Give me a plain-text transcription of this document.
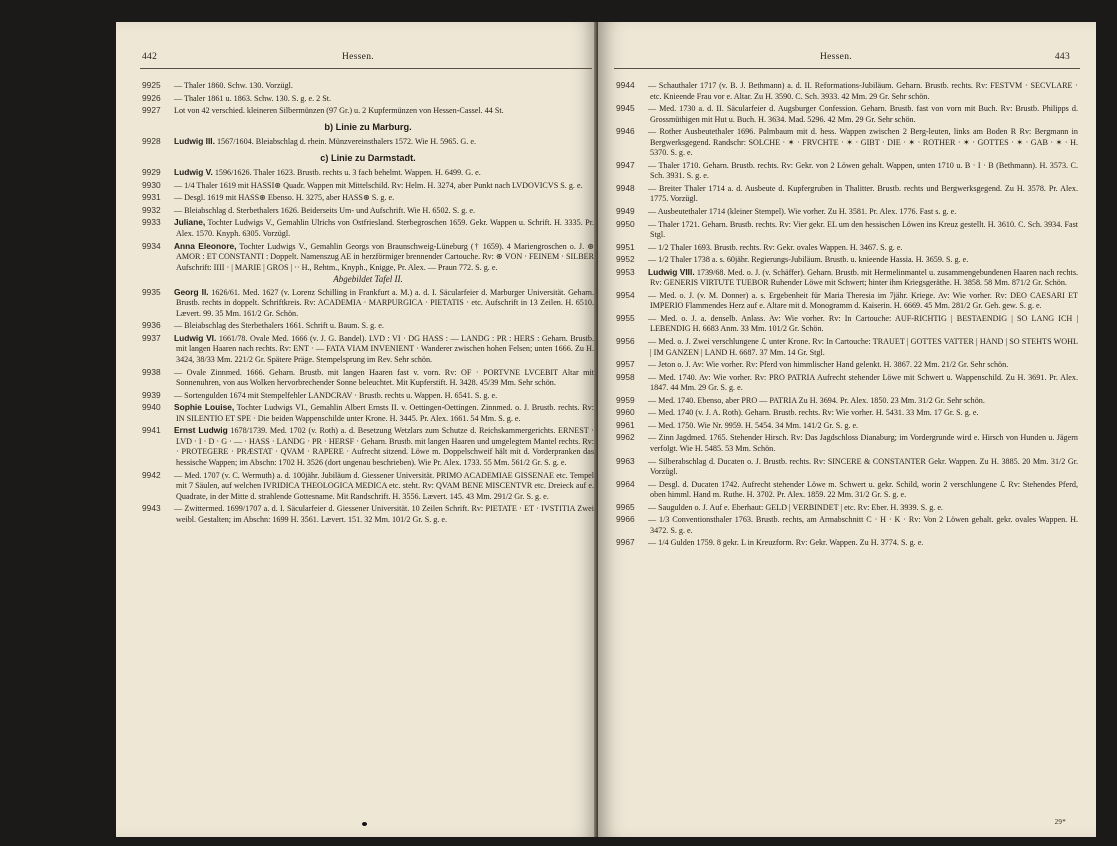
442	Hessen.
9925 — Thaler 1860. Schw. 130. Vorzügl.
9926 — Thaler 1861 u. 1863. Schw. 130. S. g. e. 2 St.
9927 Lot von 42 verschied. kleineren Silbermünzen (97 Gr.) u. 2 Kupfermünzen von Hessen-Cassel. 44 St.
b) Linie zu Marburg.
9928 Ludwig III. 1567/1604. Bleiabschlag d. rhein. Münzvereinsthalers 1572. Wie H. 5965. G. e.
c) Linie zu Darmstadt.
9929 Ludwig V. 1596/1626. Thaler 1623. Brustb. rechts u. 3 fach behelmt. Wappen. H. 6499. G. e.
9930 — 1/4 Thaler 1619 mit HASSI⊛ Quadr. Wappen mit Mittelschild. Rv: Helm. H. 3274, aber Punkt nach LVDOVICVS S. g. e.
9931 — Desgl. 1619 mit HASS⊛ Ebenso. H. 3275, aber HASS⊛ S. g. e.
9932 — Bleiabschlag d. Sterbethalers 1626. Beiderseits Um- und Aufschrift. Wie H. 6502. S. g. e.
9933 Juliane, Tochter Ludwigs V., Gemahlin Ulrichs von Ostfriesland. Sterbegroschen 1659. Gekr. Wappen u. Schrift. H. 3335. Pr. Alex. 1570. Knyph. 6305. Vorzügl.
9934 Anna Eleonore, Tochter Ludwigs V., Gemahlin Georgs von Braunschweig-Lüneburg († 1659). 4 Mariengroschen o. J. ⊛ AMOR : ET CONSTANTI : Doppelt. Namenszug AE in herzförmiger brennender Cartouche. Rv: ⊛ VON · FEINEM · SILBER Aufschrift: IIII · | MARIE | GROS | ·· H., Rehtm., Knyph., Knigge, Pr. Alex. — Praun 772. S. g. e.
Abgebildet Tafel II.
9935 Georg II. 1626/61. Med. 1627 (v. Lorenz Schilling in Frankfurt a. M.) a. d. I. Säcularfeier d. Marburger Universität. Geharn. Brustb. rechts in doppelt. Schriftkreis. Rv: ACADEMIA · MARPURGICA · PIETATIS · etc. Aufschrift in 13 Zeilen. H. 6510. Lævert. 99. 35 Mm. 161/2 Gr. Schön.
9936 — Bleiabschlag des Sterbethalers 1661. Schrift u. Baum. S. g. e.
9937 Ludwig VI. 1661/78. Ovale Med. 1666 (v. J. G. Bandel). LVD : VI · DG HASS : — LANDG : PR : HERS : Geharn. Brustb. mit langen Haaren nach rechts. Rv: ENT · — FATA VIAM INVENIENT · Wanderer zwischen hohen Felsen; unten 1666. Zu H. 3424, 38/33 Mm. 221/2 Gr. Spätere Präge. Stempelsprung im Rev. Sehr schön.
9938 — Ovale Zinnmed. 1666. Geharn. Brustb. mit langen Haaren fast v. vorn. Rv: OF · PORTVNE LVCEBIT Altar mit Sonnenuhren, von aus Wolken hervorbrechender Sonne beleuchtet. Mit Kupferstift. H. 3428. 45/39 Mm. Sehr schön.
9939 — Sortengulden 1674 mit Stempelfehler LANDCRAV · Brustb. rechts u. Wappen. H. 6541. S. g. e.
9940 Sophie Louise, Tochter Ludwigs VI., Gemahlin Albert Ernsts II. v. Oettingen-Oettingen. Zinnmed. o. J. Brustb. rechts. Rv: IN SILENTIO ET SPE · Die beiden Wappenschilde unter Krone. H. 3445. Pr. Alex. 1661. 54 Mm. S. g. e.
9941 Ernst Ludwig 1678/1739. Med. 1702 (v. Roth) a. d. Besetzung Wetzlars zum Schutze d. Reichskammergerichts. ERNEST · LVD · I · D · G · — · HASS · LANDG · PR · HERSF · Geharn. Brustb. mit langen Haaren und umgelegtem Mantel rechts. Rv: · PROTEGERE · PRÆSTAT · QVAM · RAPERE · Aufrecht sitzend. Löwe m. Doppelschweif hält mit d. Vorderpranken das hessische Wappen; im Abschn: 1702 H. 3526 (dort ungenau beschrieben). Wie Pr. Alex. 1733. 55 Mm. 561/2 Gr. S. g. e.
9942 — Med. 1707 (v. C. Wermuth) a. d. 100jähr. Jubiläum d. Giessener Universität. PRIMO ACADEMIAE GISSENAE etc. Tempel mit 7 Säulen, auf welchen IVRIDICA THEOLOGICA MEDICA etc. steht. Rv: QVAM BENE MISCENTVR etc. Dreieck auf e. Quadrate, in der Mitte d. strahlende Gottesname. Mit Randschrift. H. 3556. Lævert. 145. 43 Mm. 291/2 Gr. S. g. e.
9943 — Zwittermed. 1699/1707 a. d. I. Säcularfeier d. Giessener Universität. 10 Zeilen Schrift. Rv: PIETATE · ET · IVSTITIA Zwei weibl. Gestalten; im Abschn: 1699 H. 3561. Lævert. 151. 32 Mm. 101/2 Gr. S. g. e.
Hessen.	443
9944 — Schauthaler 1717 (v. B. J. Bethmann) a. d. II. Reformations-Jubiläum. Geharn. Brustb. rechts. Rv: FESTVM · SECVLARE · etc. Knieende Frau vor e. Altar. Zu H. 3590. C. Sch. 3933. 42 Mm. 29 Gr. Sehr schön.
9945 — Med. 1730 a. d. II. Säcularfeier d. Augsburger Confession. Geharn. Brustb. fast von vorn mit Buch. Rv: Brustb. Philipps d. Grossmüthigen mit Hut u. Buch. H. 3634. Mad. 5296. 42 Mm. 29 Gr. Sehr schön.
9946 — Rother Ausbeutethaler 1696. Palmbaum mit d. hess. Wappen zwischen 2 Berg-leuten, links am Boden R Rv: Bergmann in Bergwerksgegend. Randschr: SOLCHE · ✶ · FRVCHTE · ✶ · GIBT · DIE · ✶ · ROTHER · ✶ · GOTTES · ✶ · GAB · ✶ · H. 5370. S. g. e.
9947 — Thaler 1710. Geharn. Brustb. rechts. Rv: Gekr. von 2 Löwen gehalt. Wappen, unten 1710 u. B · I · B (Bethmann). H. 3573. C. Sch. 3931. S. g. e.
9948 — Breiter Thaler 1714 a. d. Ausbeute d. Kupfergruben in Thalitter. Brustb. rechts und Bergwerksgegend. Zu H. 3578. Pr. Alex. 1775. Vorzügl.
9949 — Ausbeutethaler 1714 (kleiner Stempel). Wie vorher. Zu H. 3581. Pr. Alex. 1776. Fast s. g. e.
9950 — Thaler 1721. Geharn. Brustb. rechts. Rv: Vier gekr. EL um den hessischen Löwen ins Kreuz gestellt. H. 3610. C. Sch. 3934. Fast Stgl.
9951 — 1/2 Thaler 1693. Brustb. rechts. Rv: Gekr. ovales Wappen. H. 3467. S. g. e.
9952 — 1/2 Thaler 1738 a. s. 60jähr. Regierungs-Jubiläum. Brustb. u. knieende Hassia. H. 3659. S. g. e.
9953 Ludwig VIII. 1739/68. Med. o. J. (v. Schäffer). Geharn. Brustb. mit Hermelinmantel u. zusammengebundenen Haaren nach rechts. Rv: GENERIS VIRTUTE TUEBOR Ruhender Löwe mit Schwert; hinter ihm Kriegsgeräthe. H. 3858. 58 Mm. 871/2 Gr. Schön.
9954 — Med. o. J. (v. M. Donner) a. s. Ergebenheit für Maria Theresia im 7jähr. Kriege. Av: Wie vorher. Rv: DEO CAESARI ET IMPERIO Flammendes Herz auf e. Altare mit d. Monogramm d. Kaiserin. H. 6669. 45 Mm. 281/2 Gr. Geh. gew. S. g. e.
9955 — Med. o. J. a. denselb. Anlass. Av: Wie vorher. Rv: In Cartouche: AUF-RICHTIG | BESTAENDIG | SO LANG ICH | LEBENDIG H. 6683 Anm. 33 Mm. 101/2 Gr. Schön.
9956 — Med. o. J. Zwei verschlungene ℒ unter Krone. Rv: In Cartouche: TRAUET | GOTTES VATTER | HAND | SO STEHTS WOHL | IM GANZEN | LAND H. 6687. 37 Mm. 14 Gr. Stgl.
9957 — Jeton o. J. Av: Wie vorher. Rv: Pferd von himmlischer Hand gelenkt. H. 3867. 22 Mm. 21/2 Gr. Sehr schön.
9958 — Med. 1740. Av: Wie vorher. Rv: PRO PATRIA Aufrecht stehender Löwe mit Schwert u. Wappenschild. Zu H. 3691. Pr. Alex. 1847. 44 Mm. 29 Gr. S. g. e.
9959 — Med. 1740. Ebenso, aber PRO — PATRIA Zu H. 3694. Pr. Alex. 1850. 23 Mm. 31/2 Gr. Sehr schön.
9960 — Med. 1740 (v. J. A. Roth). Geharn. Brustb. rechts. Rv: Wie vorher. H. 5431. 33 Mm. 17 Gr. S. g. e.
9961 — Med. 1750. Wie Nr. 9959. H. 5454. 34 Mm. 141/2 Gr. S. g. e.
9962 — Zinn Jagdmed. 1765. Stehender Hirsch. Rv: Das Jagdschloss Dianaburg; im Vordergrunde wird e. Hirsch von Hunden u. Jägern verfolgt. Wie H. 5485. 53 Mm. Schön.
9963 — Silberabschlag d. Ducaten o. J. Brustb. rechts. Rv: SINCERE & CONSTANTER Gekr. Wappen. Zu H. 3885. 20 Mm. 31/2 Gr. Vorzügl.
9964 — Desgl. d. Ducaten 1742. Aufrecht stehender Löwe m. Schwert u. gekr. Schild, worin 2 verschlungene ℒ Rv: Stehendes Pferd, oben himml. Hand m. Ruthe. H. 3702. Pr. Alex. 1859. 22 Mm. 31/2 Gr. S. g. e.
9965 — Saugulden o. J. Auf e. Eberhaut: GELD | VERBINDET | etc. Rv: Eber. H. 3939. S. g. e.
9966 — 1/3 Conventionsthaler 1763. Brustb. rechts, am Armabschnitt C · H · K · Rv: Von 2 Löwen gehalt. gekr. ovales Wappen. H. 3472. S. g. e.
9967 — 1/4 Gulden 1759. 8 gekr. L in Kreuzform. Rv: Gekr. Wappen. Zu H. 3774. S. g. e.
29*
